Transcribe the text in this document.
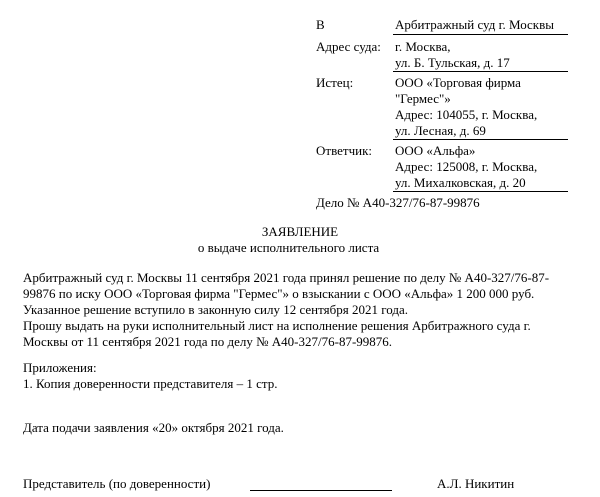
В	Арбитражный суд г. Москвы
Адрес суда: г. Москва,
ул. Б. Тульская, д. 17
Истец:	ООО «Торговая фирма
"Гермес"»
Адрес: 104055, г. Москва,
ул. Лесная, д. 69
Ответчик: ООО «Альфа»
Адрес: 125008, г. Москва,
ул. Михалковская, д. 20
Дело № А40-327/76-87-99876
ЗАЯВЛЕНИЕ
о выдаче исполнительного листа
Арбитражный суд г. Москвы 11 сентября 2021 года принял решение по делу № А40-327/76-87-
99876 по иску ООО «Торговая фирма "Гермес"» о взыскании с ООО «Альфа» 1 200 000 руб.
Указанное решение вступило в законную силу 12 сентября 2021 года.
Прошу выдать на руки исполнительный лист на исполнение решения Арбитражного суда г.
Москвы от 11 сентября 2021 года по делу № А40-327/76-87-99876.
Приложения:
1. Копия доверенности представителя – 1 стр.
Дата подачи заявления «20» октября 2021 года.
Представитель (по доверенности)	А.Л. Никитин
